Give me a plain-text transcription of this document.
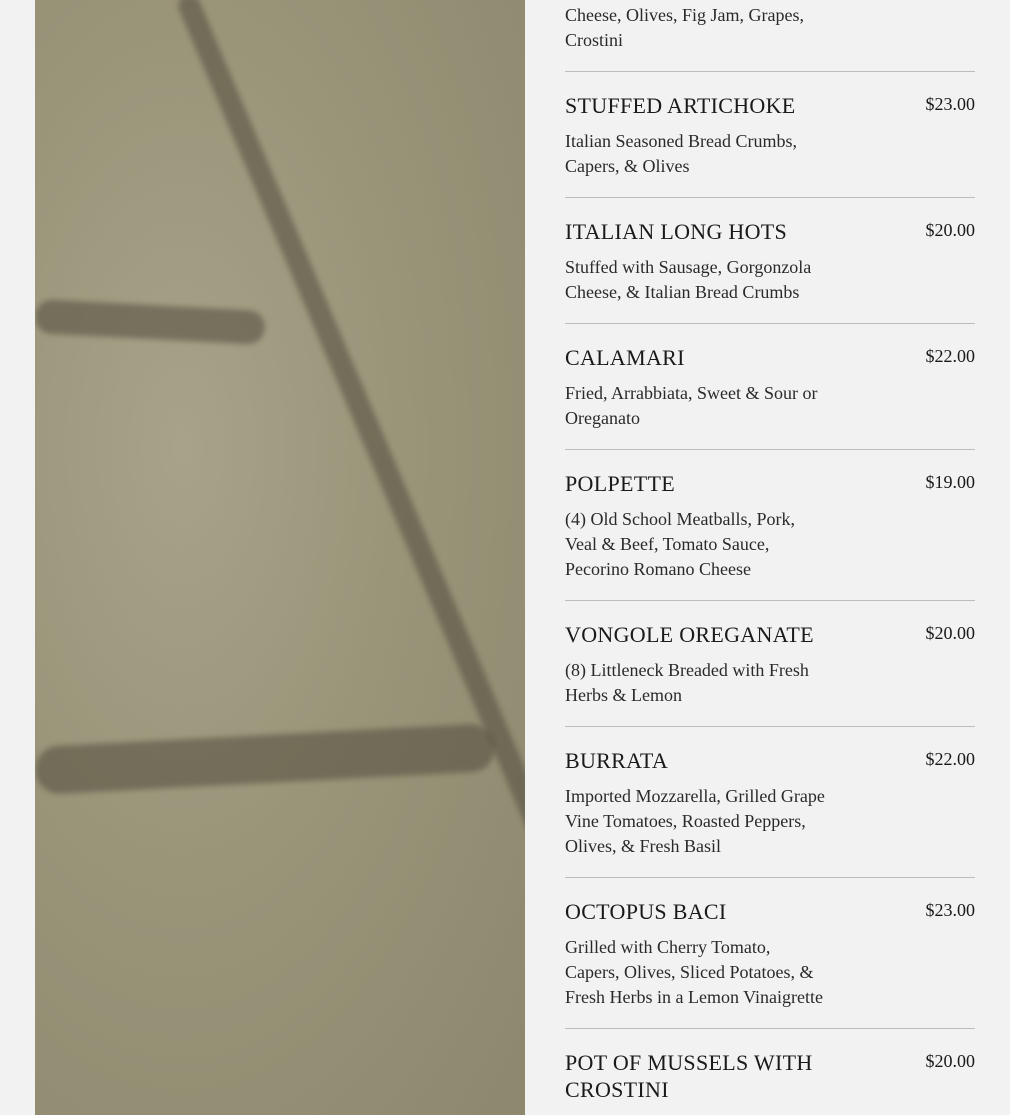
Cheese, Olives, Fig Jam, Grapes, Crostini
STUFFED ARTICHOKE	$23.00
Italian Seasoned Bread Crumbs, Capers, & Olives
ITALIAN LONG HOTS	$20.00
Stuffed with Sausage, Gorgonzola Cheese, & Italian Bread Crumbs
CALAMARI	$22.00
Fried, Arrabbiata, Sweet & Sour or Oreganato
POLPETTE	$19.00
(4) Old School Meatballs, Pork, Veal & Beef, Tomato Sauce, Pecorino Romano Cheese
VONGOLE OREGANATE	$20.00
(8) Littleneck Breaded with Fresh Herbs & Lemon
BURRATA	$22.00
Imported Mozzarella, Grilled Grape Vine Tomatoes, Roasted Peppers, Olives, & Fresh Basil
OCTOPUS BACI	$23.00
Grilled with Cherry Tomato, Capers, Olives, Sliced Potatoes, & Fresh Herbs in a Lemon Vinaigrette
POT OF MUSSELS WITH CROSTINI
$20.00
